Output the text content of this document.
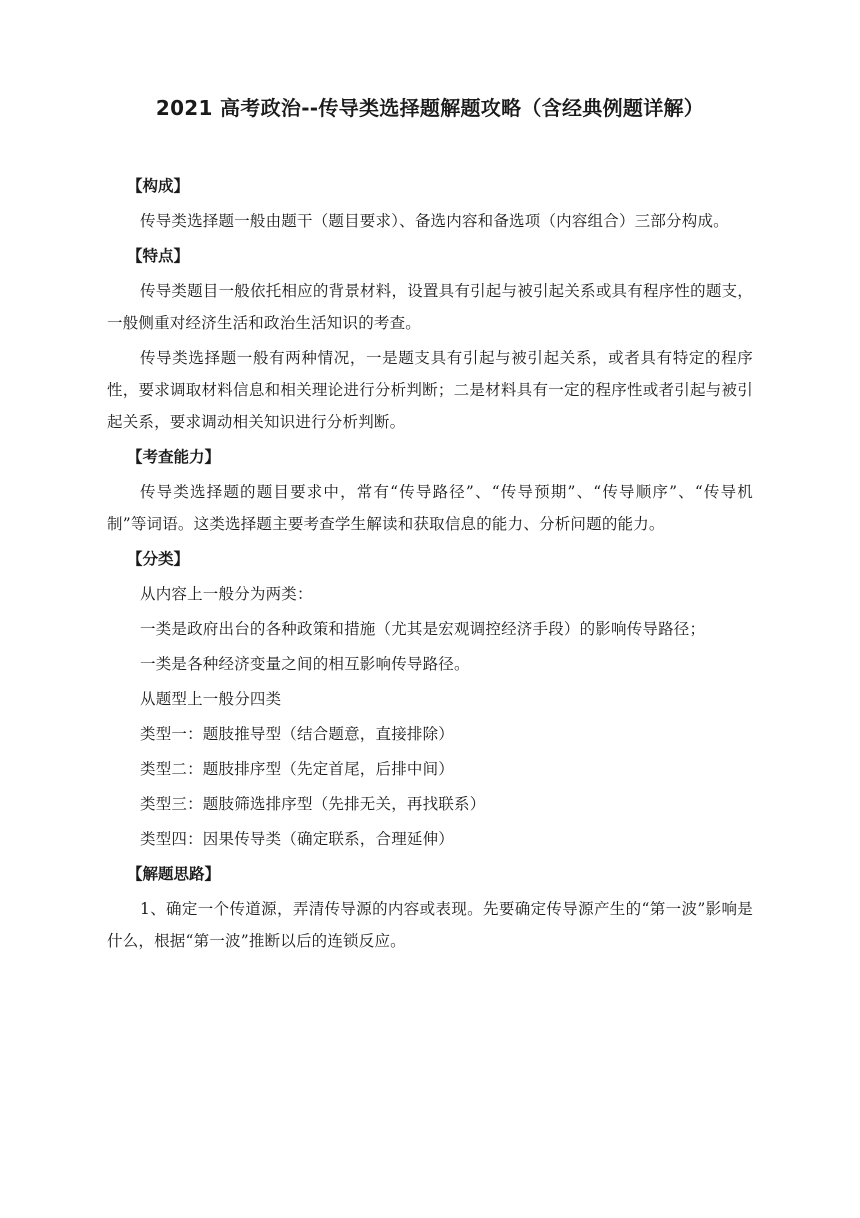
2021 高考政治--传导类选择题解题攻略（含经典例题详解）
【构成】

传导类选择题一般由题干（题目要求）、备选内容和备选项（内容组合）三部分构成。

【特点】

传导类题目一般依托相应的背景材料，设置具有引起与被引起关系或具有程序性的题支，一般侧重对经济生活和政治生活知识的考查。

传导类选择题一般有两种情况，一是题支具有引起与被引起关系，或者具有特定的程序性，要求调取材料信息和相关理论进行分析判断；二是材料具有一定的程序性或者引起与被引起关系，要求调动相关知识进行分析判断。

【考查能力】

传导类选择题的题目要求中，常有“传导路径”、“传导预期”、“传导顺序”、“传导机制”等词语。这类选择题主要考查学生解读和获取信息的能力、分析问题的能力。

【分类】

从内容上一般分为两类：

一类是政府出台的各种政策和措施（尤其是宏观调控经济手段）的影响传导路径；

一类是各种经济变量之间的相互影响传导路径。

从题型上一般分四类

类型一：题肢推导型（结合题意，直接排除）

类型二：题肢排序型（先定首尾，后排中间）

类型三：题肢筛选排序型（先排无关，再找联系）

类型四：因果传导类（确定联系，合理延伸）

【解题思路】

1、确定一个传道源，弄清传导源的内容或表现。先要确定传导源产生的“第一波”影响是什么，根据“第一波”推断以后的连锁反应。
